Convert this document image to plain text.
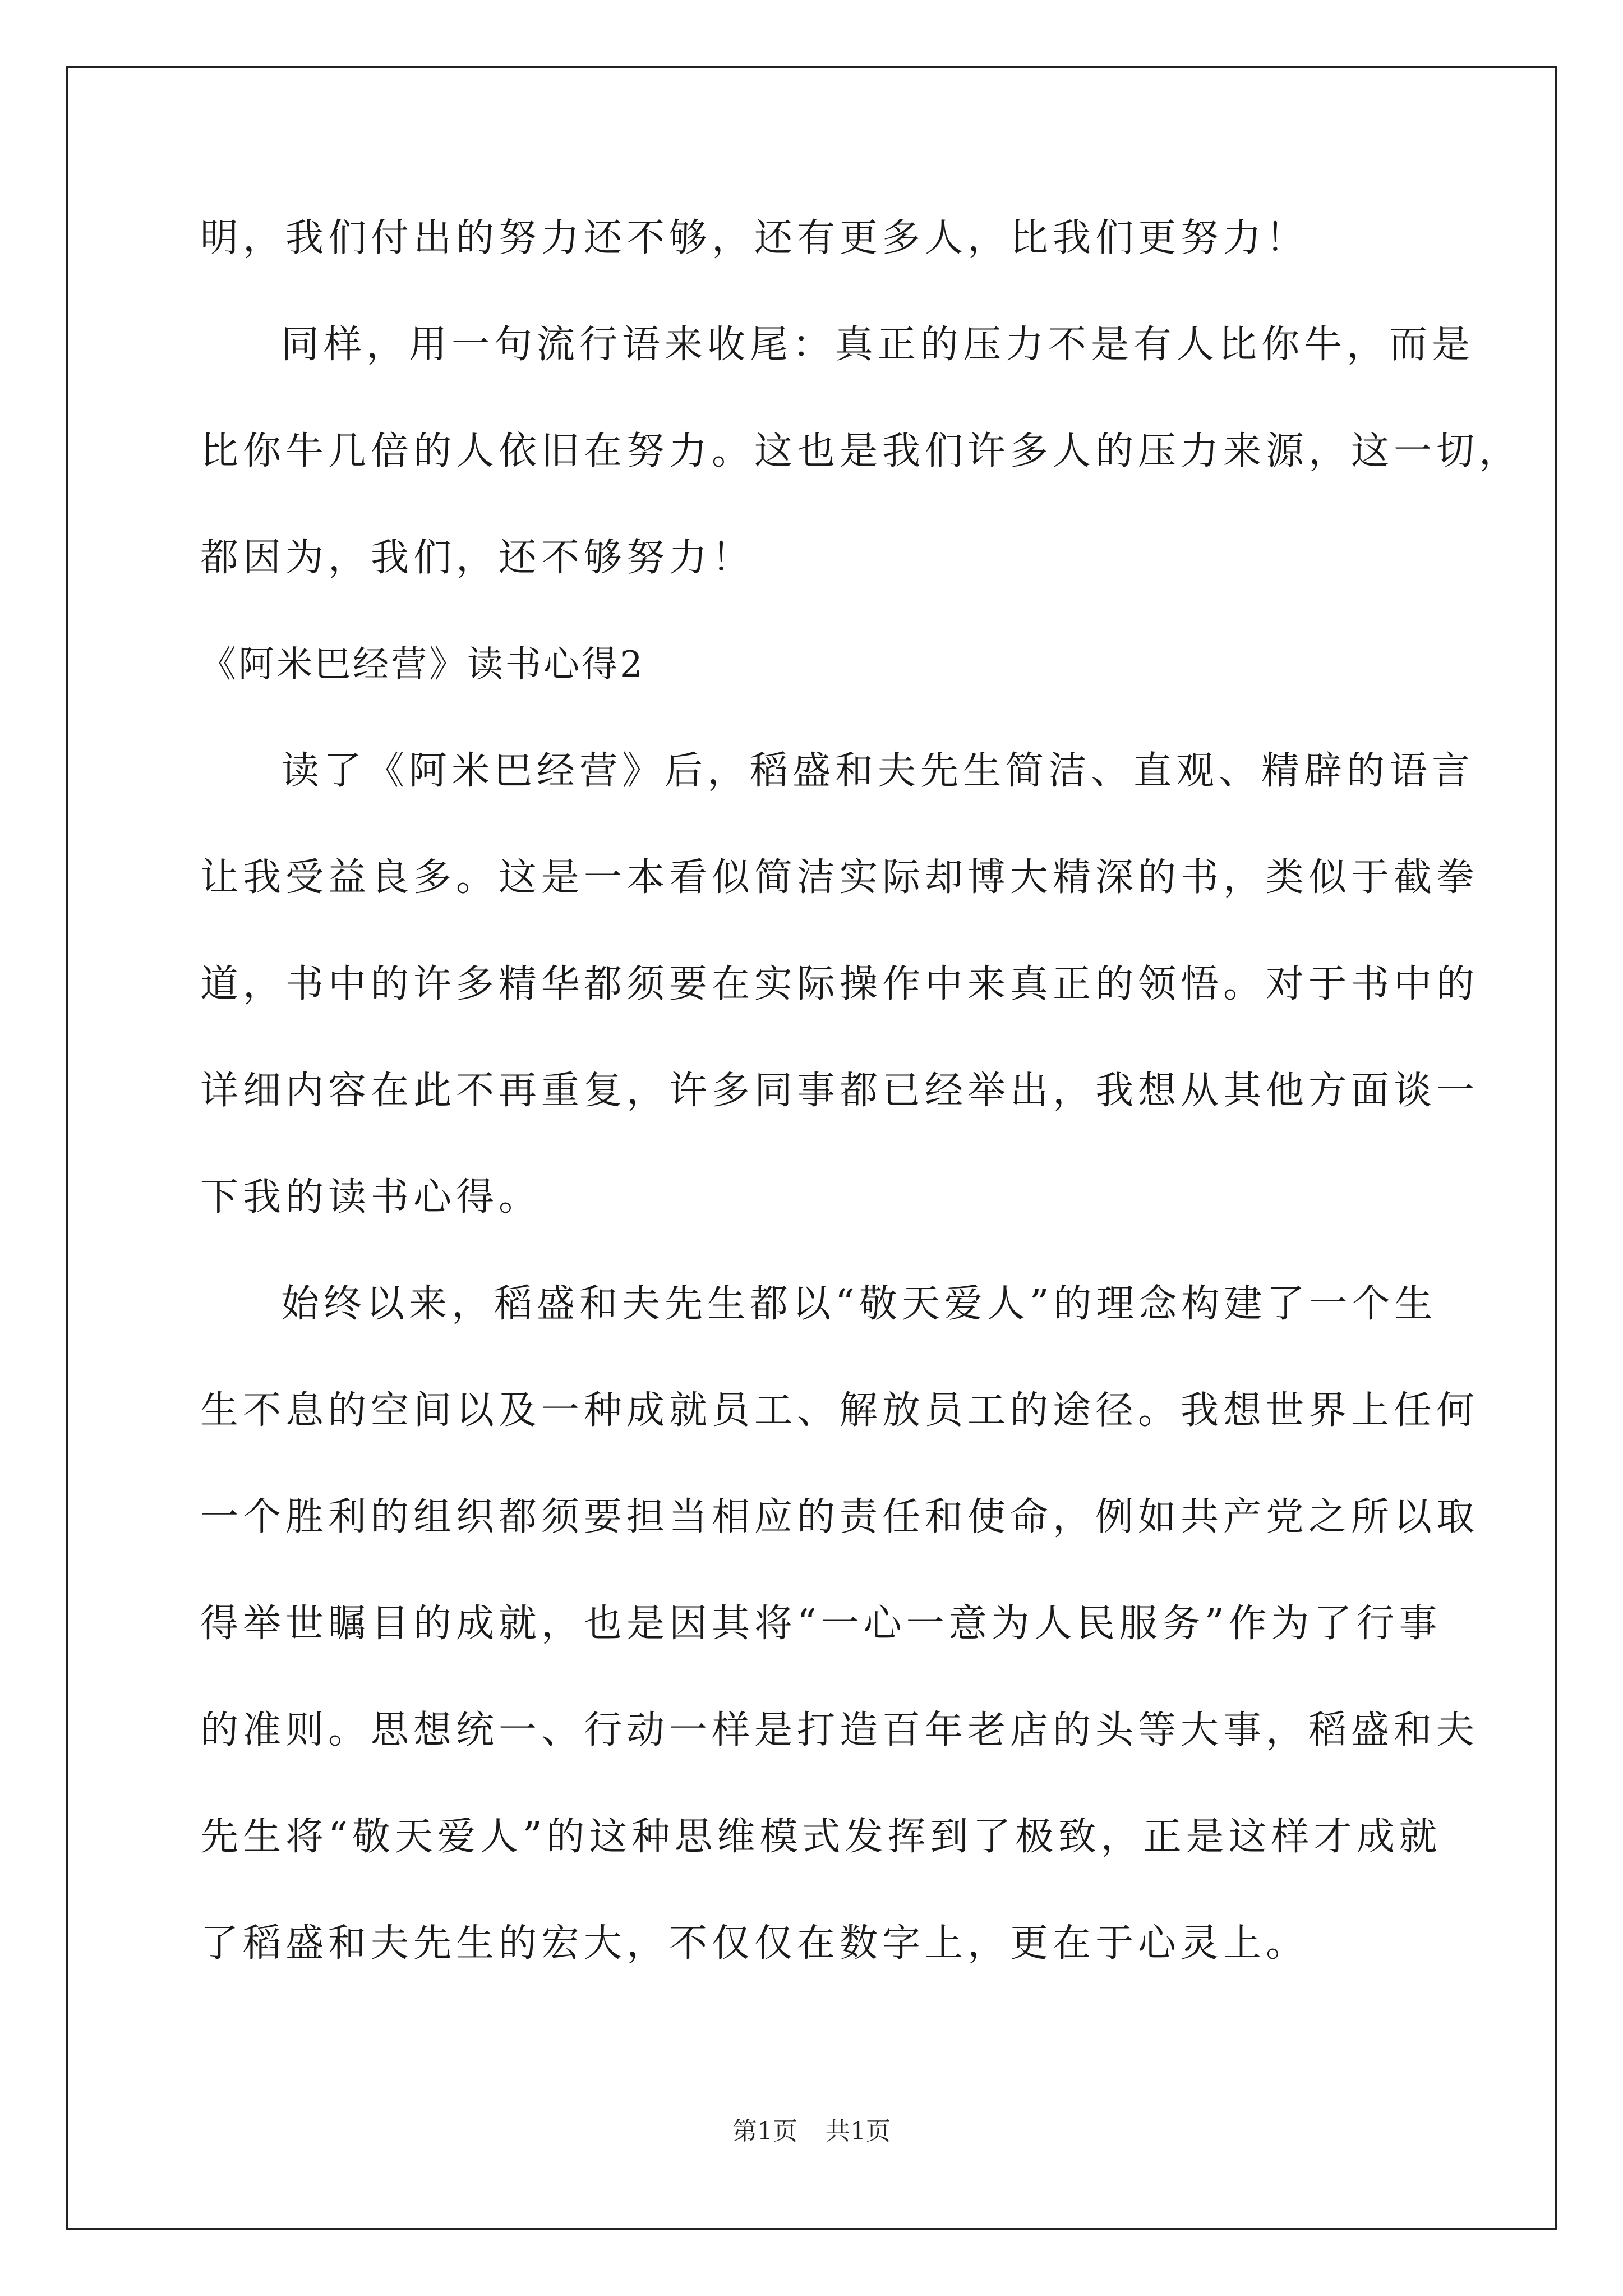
明，我们付出的努力还不够，还有更多人，比我们更努力！
同样，用一句流行语来收尾：真正的压力不是有人比你牛，而是
比你牛几倍的人依旧在努力。这也是我们许多人的压力来源，这一切，
都因为，我们，还不够努力！
《阿米巴经营》读书心得2
读了《阿米巴经营》后，稻盛和夫先生简洁、直观、精辟的语言
让我受益良多。这是一本看似简洁实际却博大精深的书，类似于截拳
道，书中的许多精华都须要在实际操作中来真正的领悟。对于书中的
详细内容在此不再重复，许多同事都已经举出，我想从其他方面谈一
下我的读书心得。
始终以来，稻盛和夫先生都以“敬天爱人”的理念构建了一个生
生不息的空间以及一种成就员工、解放员工的途径。我想世界上任何
一个胜利的组织都须要担当相应的责任和使命，例如共产党之所以取
得举世瞩目的成就，也是因其将“一心一意为人民服务”作为了行事
的准则。思想统一、行动一样是打造百年老店的头等大事，稻盛和夫
先生将“敬天爱人”的这种思维模式发挥到了极致，正是这样才成就
了稻盛和夫先生的宏大，不仅仅在数字上，更在于心灵上。
第1页 共1页
